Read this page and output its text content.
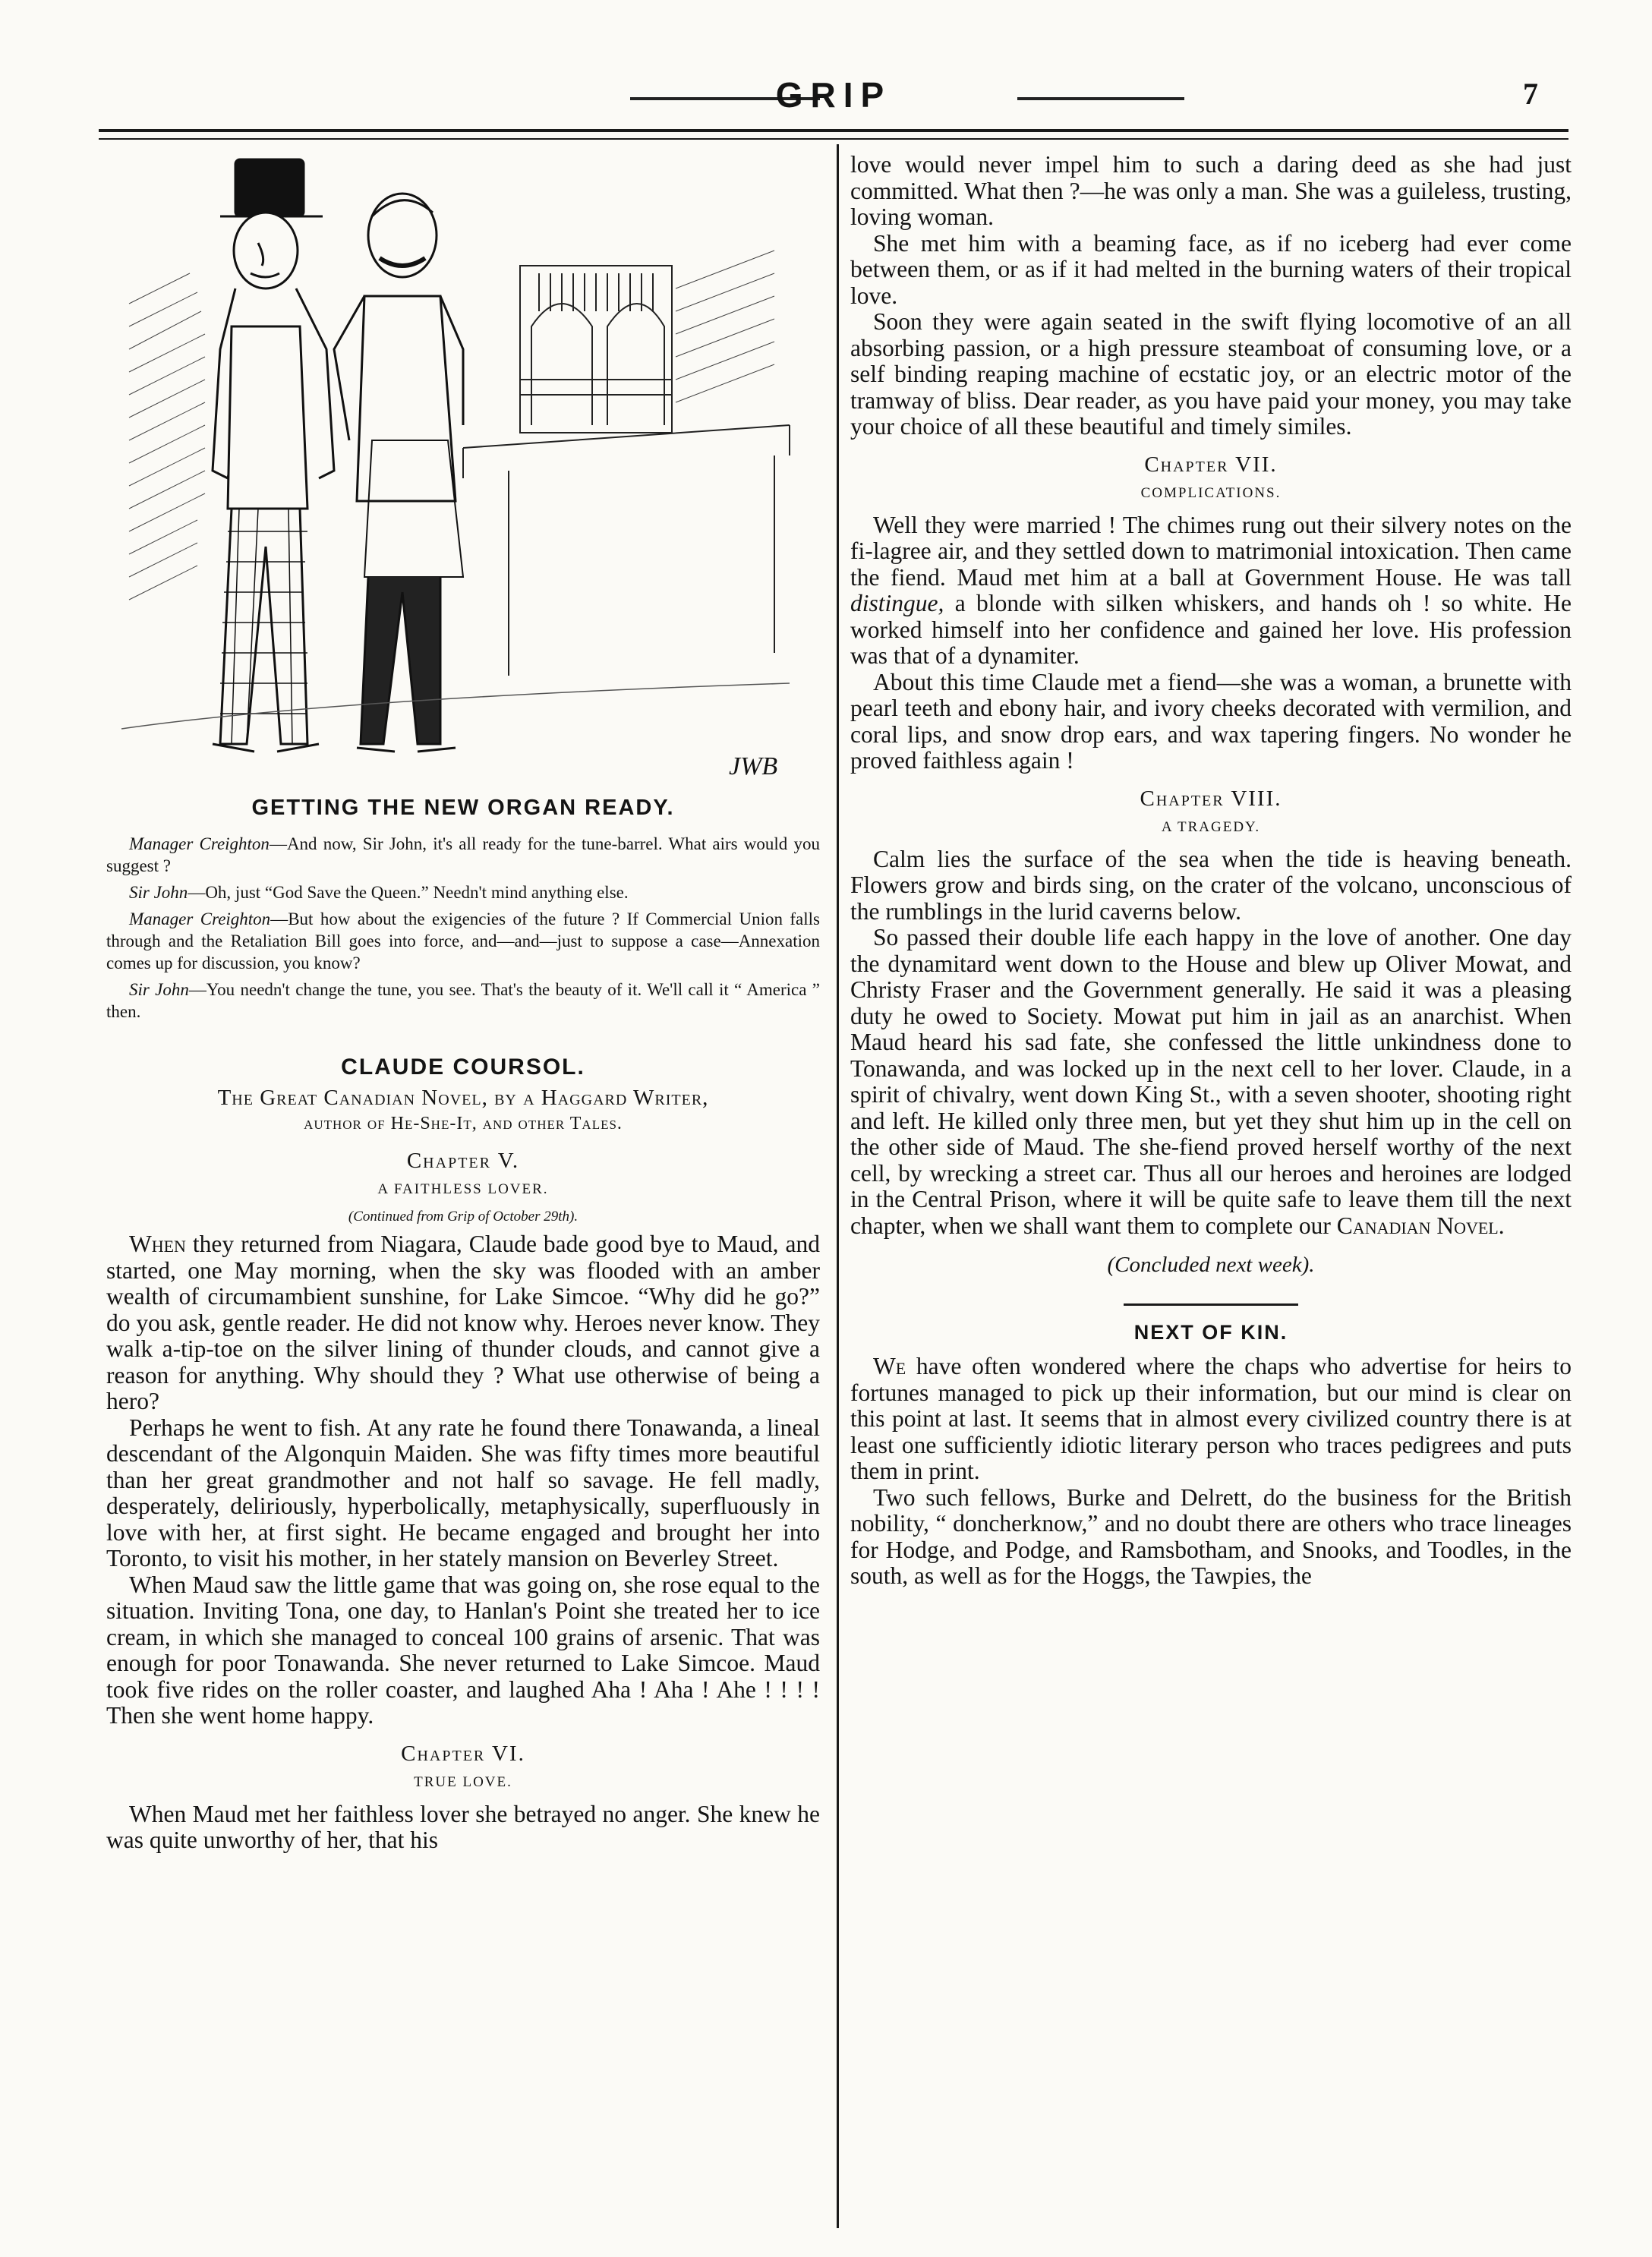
GRIP	7
JWB
GETTING THE NEW ORGAN READY.

Manager Creighton—And now, Sir John, it's all ready for the tune-barrel. What airs would you suggest ?

Sir John—Oh, just “God Save the Queen.” Needn't mind anything else.

Manager Creighton—But how about the exigencies of the future ? If Commercial Union falls through and the Retaliation Bill goes into force, and—and—just to suppose a case—Annexation comes up for discussion, you know?

Sir John—You needn't change the tune, you see. That's the beauty of it. We'll call it “ America ” then.

CLAUDE COURSOL.
The Great Canadian Novel, by a Haggard Writer,
author of He-She-It, and other Tales.
Chapter V.
A FAITHLESS LOVER.
(Continued from Grip of October 29th).

When they returned from Niagara, Claude bade good bye to Maud, and started, one May morning, when the sky was flooded with an amber wealth of circumambient sunshine, for Lake Simcoe. “Why did he go?” do you ask, gentle reader. He did not know why. Heroes never know. They walk a-tip-toe on the silver lining of thunder clouds, and cannot give a reason for anything. Why should they ? What use otherwise of being a hero?

Perhaps he went to fish. At any rate he found there Tonawanda, a lineal descendant of the Algonquin Maiden. She was fifty times more beautiful than her great grandmother and not half so savage. He fell madly, desperately, deliriously, hyperbolically, metaphysically, superfluously in love with her, at first sight. He became engaged and brought her into Toronto, to visit his mother, in her stately mansion on Beverley Street.

When Maud saw the little game that was going on, she rose equal to the situation. Inviting Tona, one day, to Hanlan's Point she treated her to ice cream, in which she managed to conceal 100 grains of arsenic. That was enough for poor Tonawanda. She never returned to Lake Simcoe. Maud took five rides on the roller coaster, and laughed Aha ! Aha ! Ahe ! ! ! ! Then she went home happy.

Chapter VI.
TRUE LOVE.

When Maud met her faithless lover she betrayed no anger. She knew he was quite unworthy of her, that his

love would never impel him to such a daring deed as she had just committed. What then ?—he was only a man. She was a guileless, trusting, loving woman.

She met him with a beaming face, as if no iceberg had ever come between them, or as if it had melted in the burning waters of their tropical love.

Soon they were again seated in the swift flying locomotive of an all absorbing passion, or a high pressure steamboat of consuming love, or a self binding reaping machine of ecstatic joy, or an electric motor of the tramway of bliss. Dear reader, as you have paid your money, you may take your choice of all these beautiful and timely similes.

Chapter VII.
COMPLICATIONS.

Well they were married ! The chimes rung out their silvery notes on the fi-lagree air, and they settled down to matrimonial intoxication. Then came the fiend. Maud met him at a ball at Government House. He was tall distingue, a blonde with silken whiskers, and hands oh ! so white. He worked himself into her confidence and gained her love. His profession was that of a dynamiter.

About this time Claude met a fiend—she was a woman, a brunette with pearl teeth and ebony hair, and ivory cheeks decorated with vermilion, and coral lips, and snow drop ears, and wax tapering fingers. No wonder he proved faithless again !

Chapter VIII.
A TRAGEDY.

Calm lies the surface of the sea when the tide is heaving beneath. Flowers grow and birds sing, on the crater of the volcano, unconscious of the rumblings in the lurid caverns below.

So passed their double life each happy in the love of another. One day the dynamitard went down to the House and blew up Oliver Mowat, and Christy Fraser and the Government generally. He said it was a pleasing duty he owed to Society. Mowat put him in jail as an anarchist. When Maud heard his sad fate, she confessed the little unkindness done to Tonawanda, and was locked up in the next cell to her lover. Claude, in a spirit of chivalry, went down King St., with a seven shooter, shooting right and left. He killed only three men, but yet they shut him up in the cell on the other side of Maud. The she-fiend proved herself worthy of the next cell, by wrecking a street car. Thus all our heroes and heroines are lodged in the Central Prison, where it will be quite safe to leave them till the next chapter, when we shall want them to complete our Canadian Novel.

(Concluded next week).
NEXT OF KIN.

We have often wondered where the chaps who advertise for heirs to fortunes managed to pick up their information, but our mind is clear on this point at last. It seems that in almost every civilized country there is at least one sufficiently idiotic literary person who traces pedigrees and puts them in print.

Two such fellows, Burke and Delrett, do the business for the British nobility, “ doncherknow,” and no doubt there are others who trace lineages for Hodge, and Podge, and Ramsbotham, and Snooks, and Toodles, in the south, as well as for the Hoggs, the Tawpies, the
